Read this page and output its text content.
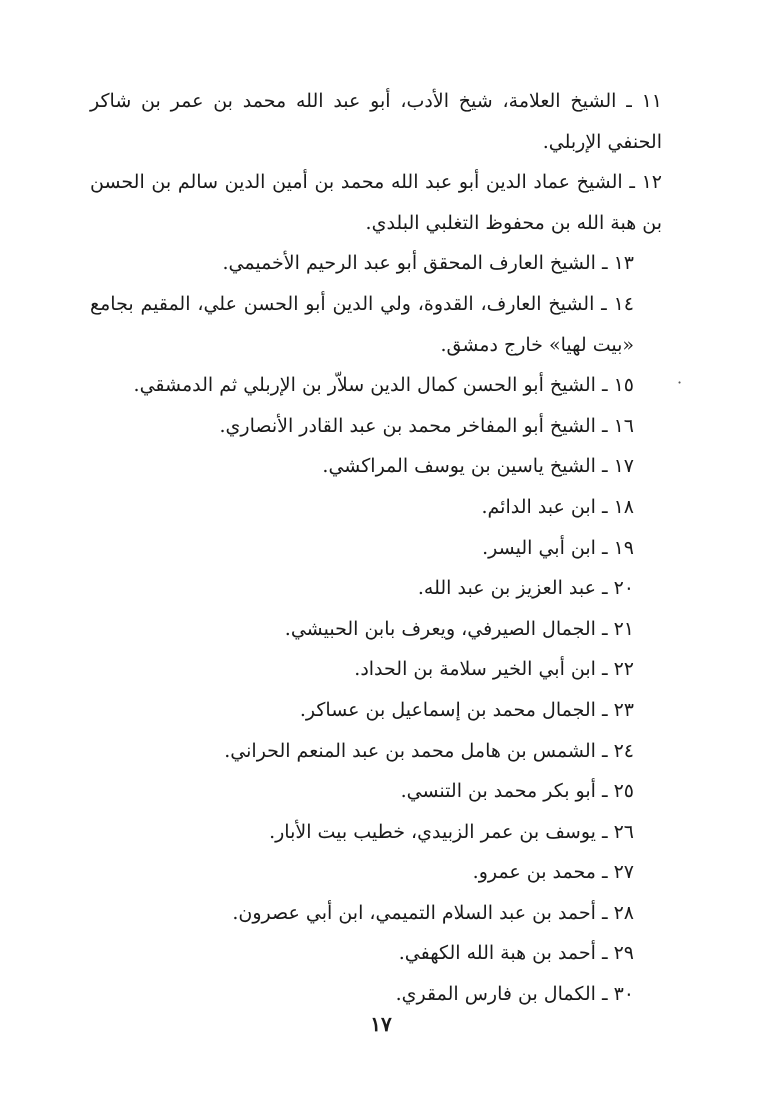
١١ ـ الشيخ العلامة، شيخ الأدب، أبو عبد الله محمد بن عمر بن شاكر الحنفي الإربلي.
١٢ ـ الشيخ عماد الدين أبو عبد الله محمد بن أمين الدين سالم بن الحسن بن هبة الله بن محفوظ التغلبي البلدي.
١٣ ـ الشيخ العارف المحقق أبو عبد الرحيم الأخميمي.
١٤ ـ الشيخ العارف، القدوة، ولي الدين أبو الحسن علي، المقيم بجامع «بيت لهيا» خارج دمشق.
١٥ ـ الشيخ أبو الحسن كمال الدين سلاّر بن الإربلي ثم الدمشقي.
١٦ ـ الشيخ أبو المفاخر محمد بن عبد القادر الأنصاري.
١٧ ـ الشيخ ياسين بن يوسف المراكشي.
١٨ ـ ابن عبد الدائم.
١٩ ـ ابن أبي اليسر.
٢٠ ـ عبد العزيز بن عبد الله.
٢١ ـ الجمال الصيرفي، ويعرف بابن الحبيشي.
٢٢ ـ ابن أبي الخير سلامة بن الحداد.
٢٣ ـ الجمال محمد بن إسماعيل بن عساكر.
٢٤ ـ الشمس بن هامل محمد بن عبد المنعم الحراني.
٢٥ ـ أبو بكر محمد بن التنسي.
٢٦ ـ يوسف بن عمر الزبيدي، خطيب بيت الأبار.
٢٧ ـ محمد بن عمرو.
٢٨ ـ أحمد بن عبد السلام التميمي، ابن أبي عصرون.
٢٩ ـ أحمد بن هبة الله الكهفي.
٣٠ ـ الكمال بن فارس المقري.
·
١٧
